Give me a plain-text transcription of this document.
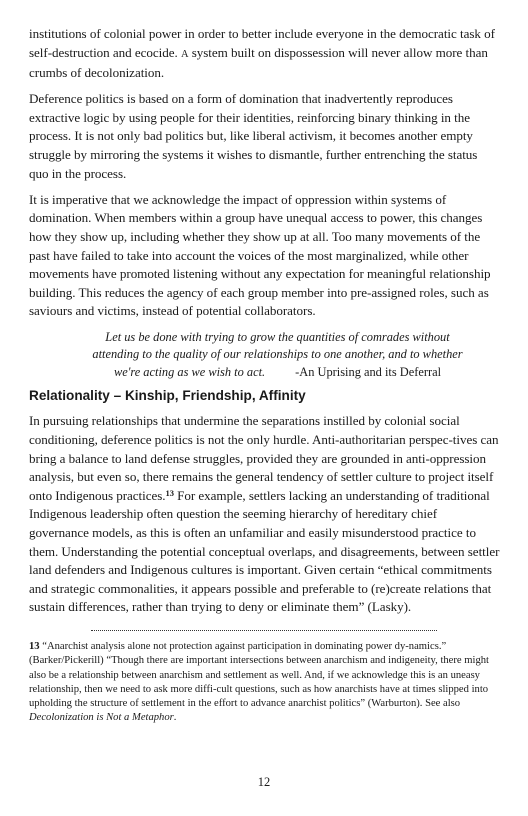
institutions of colonial power in order to better include everyone in the democratic task of self-destruction and ecocide. A system built on dispossession will never allow more than crumbs of decolonization.

Deference politics is based on a form of domination that inadvertently reproduces extractive logic by using people for their identities, reinforcing binary thinking in the process. It is not only bad politics but, like liberal activism, it becomes another empty struggle by mirroring the systems it wishes to dismantle, further entrenching the status quo in the process.

It is imperative that we acknowledge the impact of oppression within systems of domination. When members within a group have unequal access to power, this changes how they show up, including whether they show up at all. Too many movements of the past have failed to take into account the voices of the most marginalized, while other movements have promoted listening without any expectation for meaningful relationship building. This reduces the agency of each group member into pre-assigned roles, such as saviours and victims, instead of potential collaborators.

Let us be done with trying to grow the quantities of comrades without attending to the quality of our relationships to one another, and to whether
we're acting as we wish to act. -An Uprising and its Deferral
Relationality – Kinship, Friendship, Affinity

In pursuing relationships that undermine the separations instilled by colonial social conditioning, deference politics is not the only hurdle. Anti-authoritarian perspec-tives can bring a balance to land defense struggles, provided they are grounded in anti-oppression analysis, but even so, there remains the general tendency of settler culture to project itself onto Indigenous practices.$^{13}$ For example, settlers lacking an understanding of traditional Indigenous leadership often question the seeming hierarchy of hereditary chief governance models, as this is often an unfamiliar and easily misunderstood practice to them. Understanding the potential conceptual overlaps, and disagreements, between settler land defenders and Indigenous cultures is important. Given certain “ethical commitments and strategic commonalities, it appears possible and preferable to (re)create relations that sustain differences, rather than trying to deny or eliminate them” (Lasky).

13 “Anarchist analysis alone not protection against participation in dominating power dy-namics.” (Barker/Pickerill) “Though there are important intersections between anarchism and indigeneity, there might also be a relationship between anarchism and settlement as well. And, if we acknowledge this is an uneasy relationship, then we need to ask more diffi-cult questions, such as how anarchists have at times slipped into upholding the structure of settlement in the effort to advance anarchist politics” (Warburton). See also Decolonization is Not a Metaphor.

12
